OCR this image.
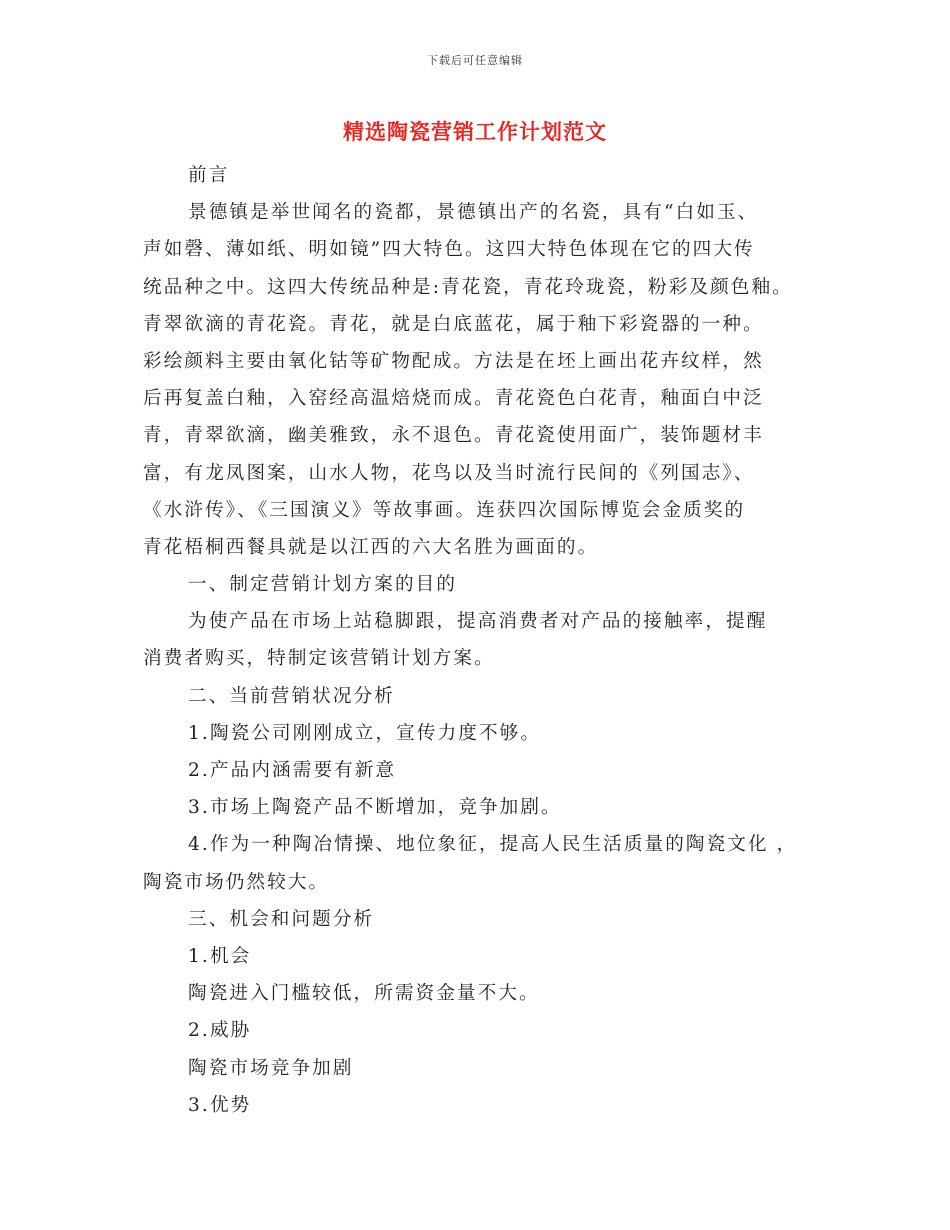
下载后可任意编辑
精选陶瓷营销工作计划范文
前言
景德镇是举世闻名的瓷都，景德镇出产的名瓷，具有“白如玉、
声如磬、薄如纸、明如镜”四大特色。这四大特色体现在它的四大传
统品种之中。这四大传统品种是:青花瓷，青花玲珑瓷，粉彩及颜色釉。
青翠欲滴的青花瓷。青花，就是白底蓝花，属于釉下彩瓷器的一种。
彩绘颜料主要由氧化钴等矿物配成。方法是在坯上画出花卉纹样，然
后再复盖白釉，入窑经高温焙烧而成。青花瓷色白花青，釉面白中泛
青，青翠欲滴，幽美雅致，永不退色。青花瓷使用面广，装饰题材丰
富，有龙凤图案，山水人物，花鸟以及当时流行民间的《列国志》、
《水浒传》、《三国演义》等故事画。连获四次国际博览会金质奖的
青花梧桐西餐具就是以江西的六大名胜为画面的。
一、制定营销计划方案的目的
为使产品在市场上站稳脚跟，提高消费者对产品的接触率，提醒
消费者购买，特制定该营销计划方案。
二、当前营销状况分析
1.陶瓷公司刚刚成立，宣传力度不够。
2.产品内涵需要有新意
3.市场上陶瓷产品不断增加，竞争加剧。
4.作为一种陶冶情操、地位象征，提高人民生活质量的陶瓷文化 ，
陶瓷市场仍然较大。
三、机会和问题分析
1.机会
陶瓷进入门槛较低，所需资金量不大。
2.威胁
陶瓷市场竞争加剧
3.优势
